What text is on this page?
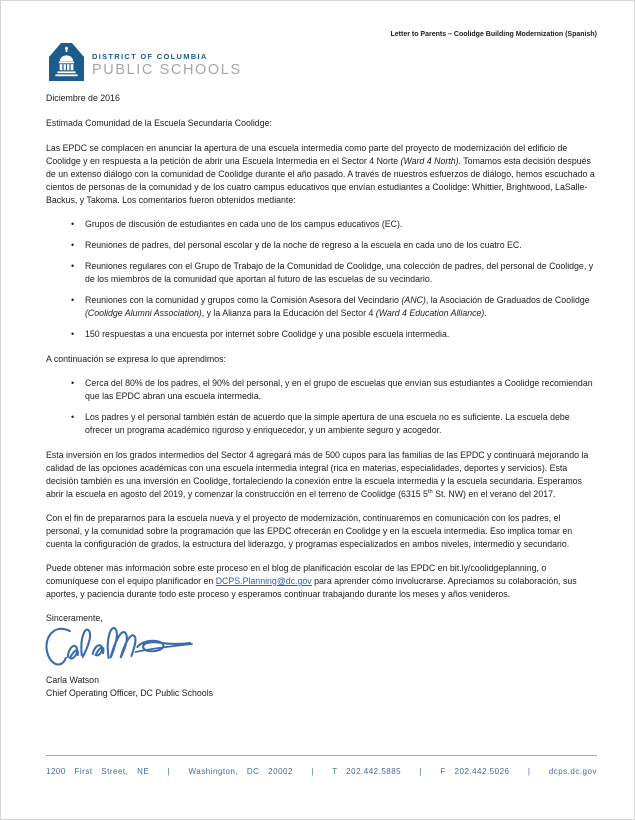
Letter to Parents – Coolidge Building Modernization (Spanish)
DISTRICT OF COLUMBIA
PUBLIC SCHOOLS

Diciembre de 2016

Estimada Comunidad de la Escuela Secundaria Coolidge:

Las EPDC se complacen en anunciar la apertura de una escuela intermedia como parte del proyecto de modernización del edificio de Coolidge y en respuesta a la petición de abrir una Escuela Intermedia en el Sector 4 Norte (Ward 4 North). Tomamos esta decisión después de un extenso diálogo con la comunidad de Coolidge durante el año pasado. A través de nuestros esfuerzos de diálogo, hemos escuchado a cientos de personas de la comunidad y de los cuatro campus educativos que envían estudiantes a Coolidge: Whittier, Brightwood, LaSalle-Backus, y Takoma. Los comentarios fueron obtenidos mediante:

• Grupos de discusión de estudiantes en cada uno de los campus educativos (EC).
• Reuniones de padres, del personal escolar y de la noche de regreso a la escuela en cada uno de los cuatro EC.
• Reuniones regulares con el Grupo de Trabajo de la Comunidad de Coolidge, una colección de padres, del personal de Coolidge, y de los miembros de la comunidad que aportan al futuro de las escuelas de su vecindario.
• Reuniones con la comunidad y grupos como la Comisión Asesora del Vecindario (ANC), la Asociación de Graduados de Coolidge (Coolidge Alumni Association), y la Alianza para la Educación del Sector 4 (Ward 4 Education Alliance).
• 150 respuestas a una encuesta por internet sobre Coolidge y una posible escuela intermedia.

A continuación se expresa lo que aprendimos:

• Cerca del 80% de los padres, el 90% del personal, y en el grupo de escuelas que envían sus estudiantes a Coolidge recomiendan que las EPDC abran una escuela intermedia.
• Los padres y el personal también están de acuerdo que la simple apertura de una escuela no es suficiente. La escuela debe ofrecer un programa académico riguroso y enriquecedor, y un ambiente seguro y acogedor.

Esta inversión en los grados intermedios del Sector 4 agregará más de 500 cupos para las familias de las EPDC y continuará mejorando la calidad de las opciones académicas con una escuela intermedia integral (rica en materias, especialidades, deportes y servicios). Esta decisión también es una inversión en Coolidge, fortaleciendo la conexión entre la escuela intermedia y la escuela secundaria. Esperamos abrir la escuela en agosto del 2019, y comenzar la construcción en el terreno de Coolidge (6315 5th St. NW) en el verano del 2017.

Con el fin de prepararnos para la escuela nueva y el proyecto de modernización, continuaremos en comunicación con los padres, el personal, y la comunidad sobre la programación que las EPDC ofrecerán en Coolidge y en la escuela intermedia. Eso implica tomar en cuenta la configuración de grados, la estructura del liderazgo, y programas especializados en ambos niveles, intermedio y secundario.

Puede obtener más información sobre este proceso en el blog de planificación escolar de las EPDC en bit.ly/coolidgeplanning, o comuníquese con el equipo planificador en DCPS.Planning@dc.gov para aprender cómo involucrarse. Apreciamos su colaboración, sus aportes, y paciencia durante todo este proceso y esperamos continuar trabajando durante los meses y años venideros.

Sinceramente,

Carla Watson

Chief Operating Officer, DC Public Schools

1200 First Street, NE | Washington, DC 20002 | T 202.442.5885 | F 202.442.5026 | dcps.dc.gov
